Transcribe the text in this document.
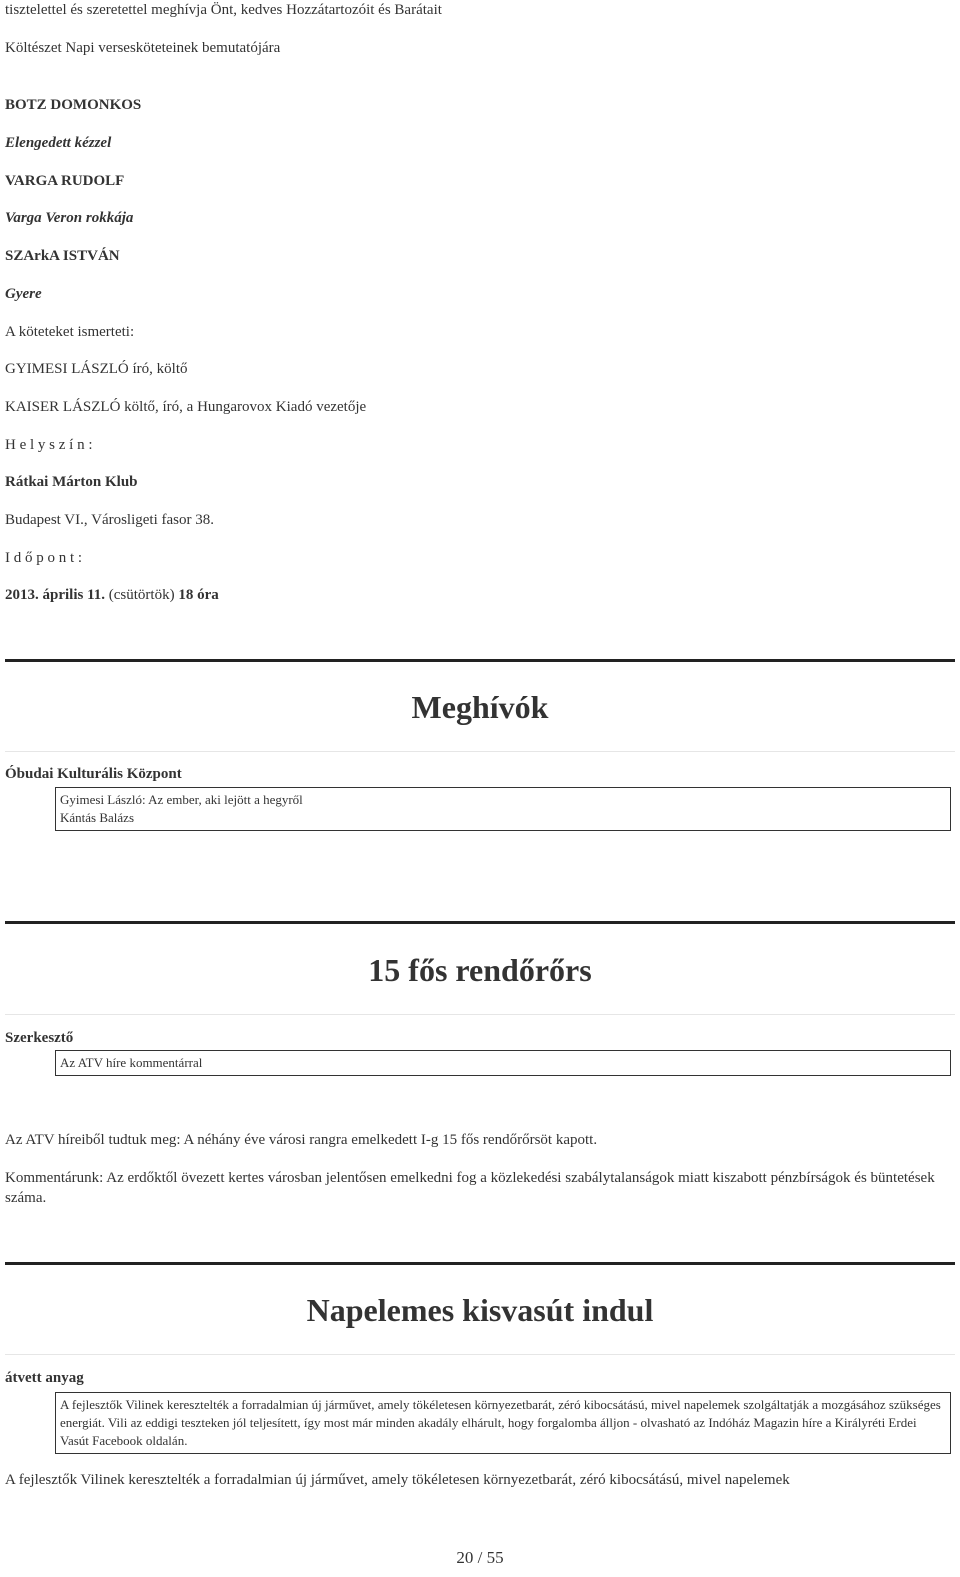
tisztelettel és szeretettel meghívja Önt, kedves Hozzátartozóit és Barátait
Költészet Napi versesköteteinek bemutatójára
BOTZ DOMONKOS
Elengedett kézzel
VARGA RUDOLF
Varga Veron rokkája
SZArkA ISTVÁN
Gyere
A köteteket ismerteti:
GYIMESI LÁSZLÓ író, költő
KAISER LÁSZLÓ költő, író, a Hungarovox Kiadó vezetője
H e l y s z í n :
Rátkai Márton Klub
Budapest VI., Városligeti fasor 38.
I d ő p o n t :
2013. április 11. (csütörtök) 18 óra
Meghívók
Óbudai Kulturális Központ
Gyimesi László: Az ember, aki lejött a hegyről
Kántás Balázs
15 fős rendőrőrs
Szerkesztő
Az ATV híre kommentárral
Az ATV híreiből tudtuk meg: A néhány éve városi rangra emelkedett I-g 15 fős rendőrőrsöt kapott.
Kommentárunk: Az erdőktől övezett kertes városban jelentősen emelkedni fog a közlekedési szabálytalanságok miatt kiszabott pénzbírságok és büntetések száma.
Napelemes kisvasút indul
átvett anyag
A fejlesztők Vilinek keresztelték a forradalmian új járművet, amely tökéletesen környezetbarát, zéró kibocsátású, mivel napelemek szolgáltatják a mozgásához szükséges energiát. Vili az eddigi teszteken jól teljesített, így most már minden akadály elhárult, hogy forgalomba álljon - olvasható az Indóház Magazin híre a Királyréti Erdei Vasút Facebook oldalán.
A fejlesztők Vilinek keresztelték a forradalmian új járművet, amely tökéletesen környezetbarát, zéró kibocsátású, mivel napelemek
20 / 55
